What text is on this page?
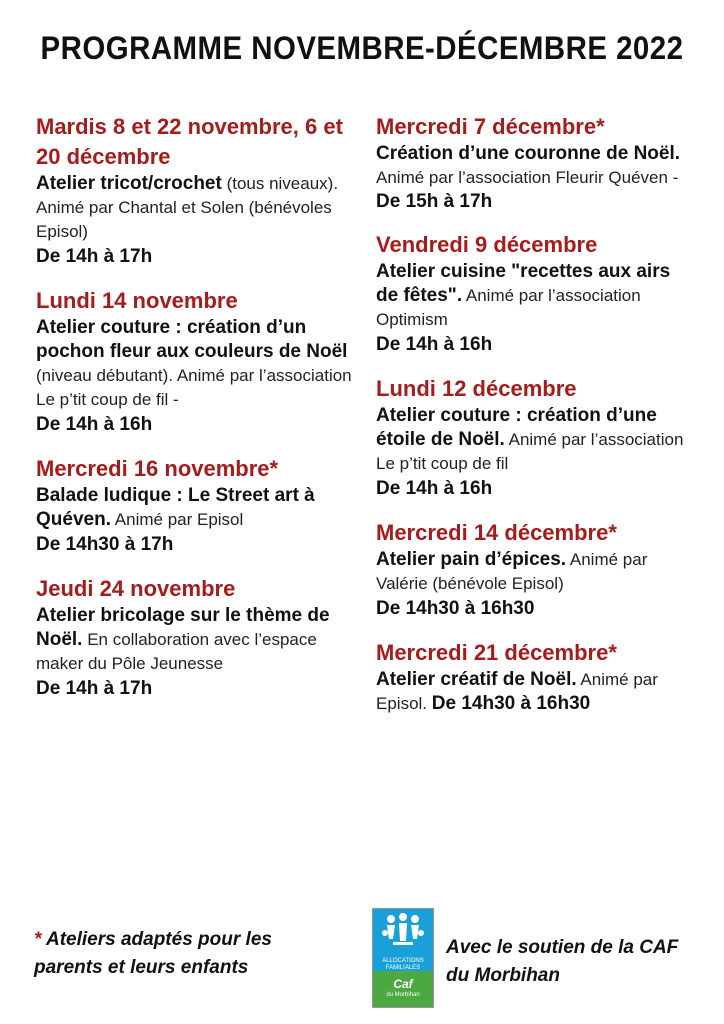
PROGRAMME NOVEMBRE-DÉCEMBRE 2022
Mardis 8 et 22 novembre, 6 et 20 décembre
Atelier tricot/crochet (tous niveaux). Animé par Chantal et Solen (bénévoles Episol)
De 14h à 17h
Lundi 14 novembre
Atelier couture : création d’un pochon fleur aux couleurs de Noël (niveau débutant). Animé par l’association Le p’tit coup de fil -
De 14h à 16h
Mercredi 16 novembre*
Balade ludique : Le Street art à Quéven. Animé par Episol
De 14h30 à 17h
Jeudi 24 novembre
Atelier bricolage sur le thème de Noël. En collaboration avec l’espace maker du Pôle Jeunesse
De 14h à 17h
Mercredi 7 décembre*
Création d’une couronne de Noël. Animé par l’association Fleurir Quéven - De 15h à 17h
Vendredi 9 décembre
Atelier cuisine "recettes aux airs de fêtes". Animé par l’association Optimism
De 14h à 16h
Lundi 12 décembre
Atelier couture : création d’une étoile de Noël. Animé par l’association Le p’tit coup de fil
De 14h à 16h
Mercredi 14 décembre*
Atelier pain d’épices. Animé par Valérie (bénévole Episol)
De 14h30 à 16h30
Mercredi 21 décembre*
Atelier créatif de Noël. Animé par Episol. De 14h30 à 16h30
* Ateliers adaptés pour les parents et leurs enfants	ALLOCATIONS FAMILIALES
Caf
du Morbihan
Avec le soutien de la CAF du Morbihan
